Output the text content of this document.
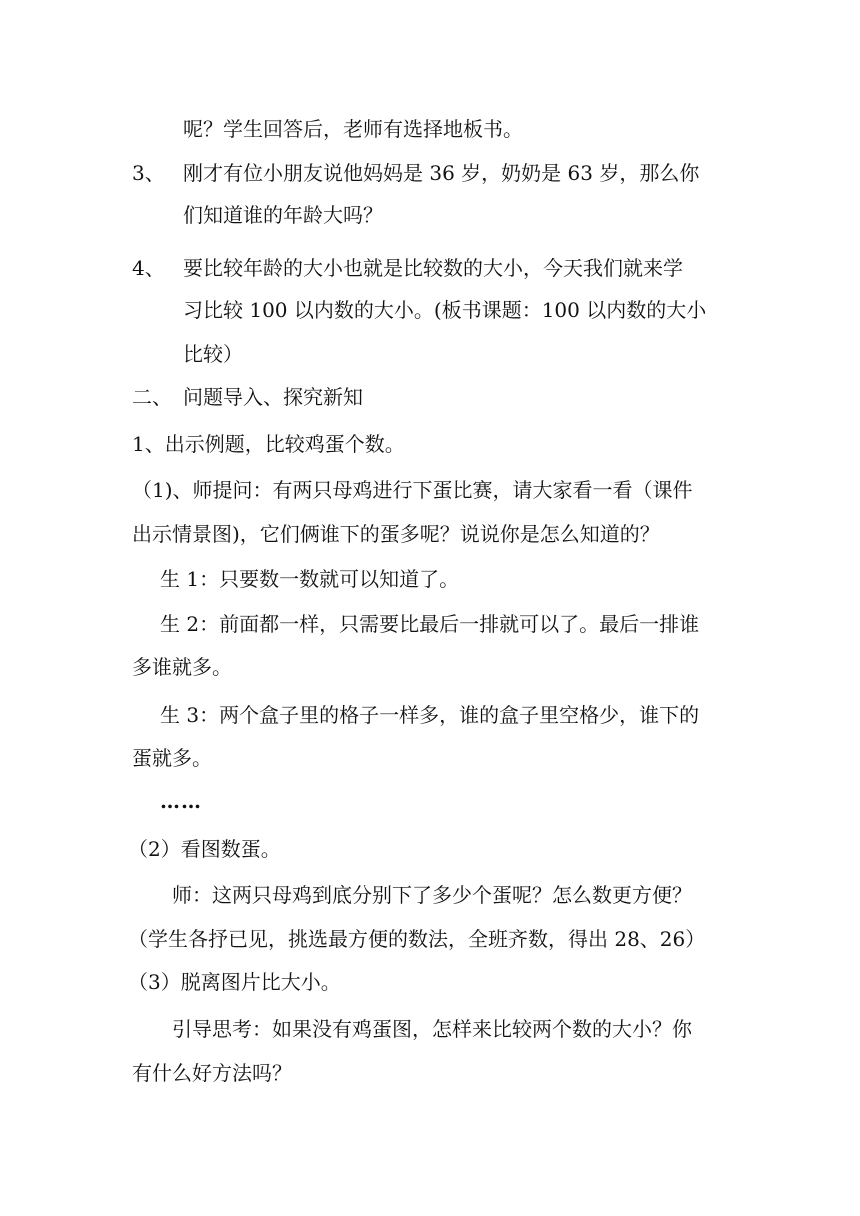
呢？学生回答后，老师有选择地板书。
3、 刚才有位小朋友说他妈妈是 36 岁，奶奶是 63 岁，那么你
们知道谁的年龄大吗？
4、 要比较年龄的大小也就是比较数的大小，今天我们就来学
习比较 100 以内数的大小。(板书课题：100 以内数的大小
比较）
二、 问题导入、探究新知
1、出示例题，比较鸡蛋个数。
（1)、师提问：有两只母鸡进行下蛋比赛，请大家看一看（课件
出示情景图)，它们俩谁下的蛋多呢？说说你是怎么知道的？
生 1：只要数一数就可以知道了。
生 2：前面都一样，只需要比最后一排就可以了。最后一排谁
多谁就多。
生 3：两个盒子里的格子一样多，谁的盒子里空格少，谁下的
蛋就多。
……
（2）看图数蛋。
师：这两只母鸡到底分别下了多少个蛋呢？怎么数更方便？
（学生各抒已见，挑选最方便的数法，全班齐数，得出 28、26）
（3）脱离图片比大小。
引导思考：如果没有鸡蛋图，怎样来比较两个数的大小？你
有什么好方法吗？
